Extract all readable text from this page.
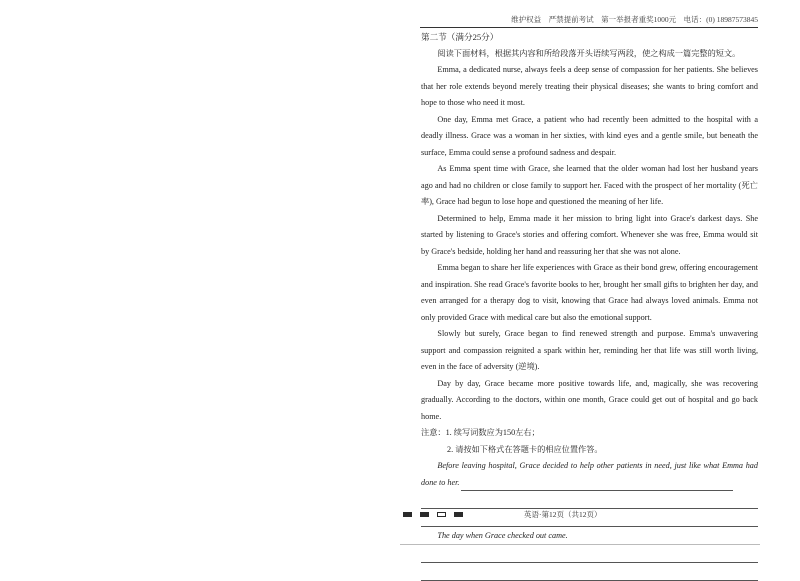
维护权益　严禁提前考试　第一举报者重奖1000元　电话：(0) 18987573845

第二节（满分25分）

阅读下面材料，根据其内容和所给段落开头语续写两段，使之构成一篇完整的短文。

Emma, a dedicated nurse, always feels a deep sense of compassion for her patients. She believes that her role extends beyond merely treating their physical diseases; she wants to bring comfort and hope to those who need it most.

One day, Emma met Grace, a patient who had recently been admitted to the hospital with a deadly illness. Grace was a woman in her sixties, with kind eyes and a gentle smile, but beneath the surface, Emma could sense a profound sadness and despair.

As Emma spent time with Grace, she learned that the older woman had lost her husband years ago and had no children or close family to support her. Faced with the prospect of her mortality (死亡率), Grace had begun to lose hope and questioned the meaning of her life.

Determined to help, Emma made it her mission to bring light into Grace's darkest days. She started by listening to Grace's stories and offering comfort. Whenever she was free, Emma would sit by Grace's bedside, holding her hand and reassuring her that she was not alone.

Emma began to share her life experiences with Grace as their bond grew, offering encouragement and inspiration. She read Grace's favorite books to her, brought her small gifts to brighten her day, and even arranged for a therapy dog to visit, knowing that Grace had always loved animals. Emma not only provided Grace with medical care but also the emotional support.

Slowly but surely, Grace began to find renewed strength and purpose. Emma's unwavering support and compassion reignited a spark within her, reminding her that life was still worth living, even in the face of adversity (逆境).

Day by day, Grace became more positive towards life, and, magically, she was recovering gradually. According to the doctors, within one month, Grace could get out of hospital and go back home.

注意：1. 续写词数应为150左右；

2. 请按如下格式在答题卡的相应位置作答。

Before leaving hospital, Grace decided to help other patients in need, just like what Emma had done to her.

The day when Grace checked out came.

英语·第12页（共12页）
